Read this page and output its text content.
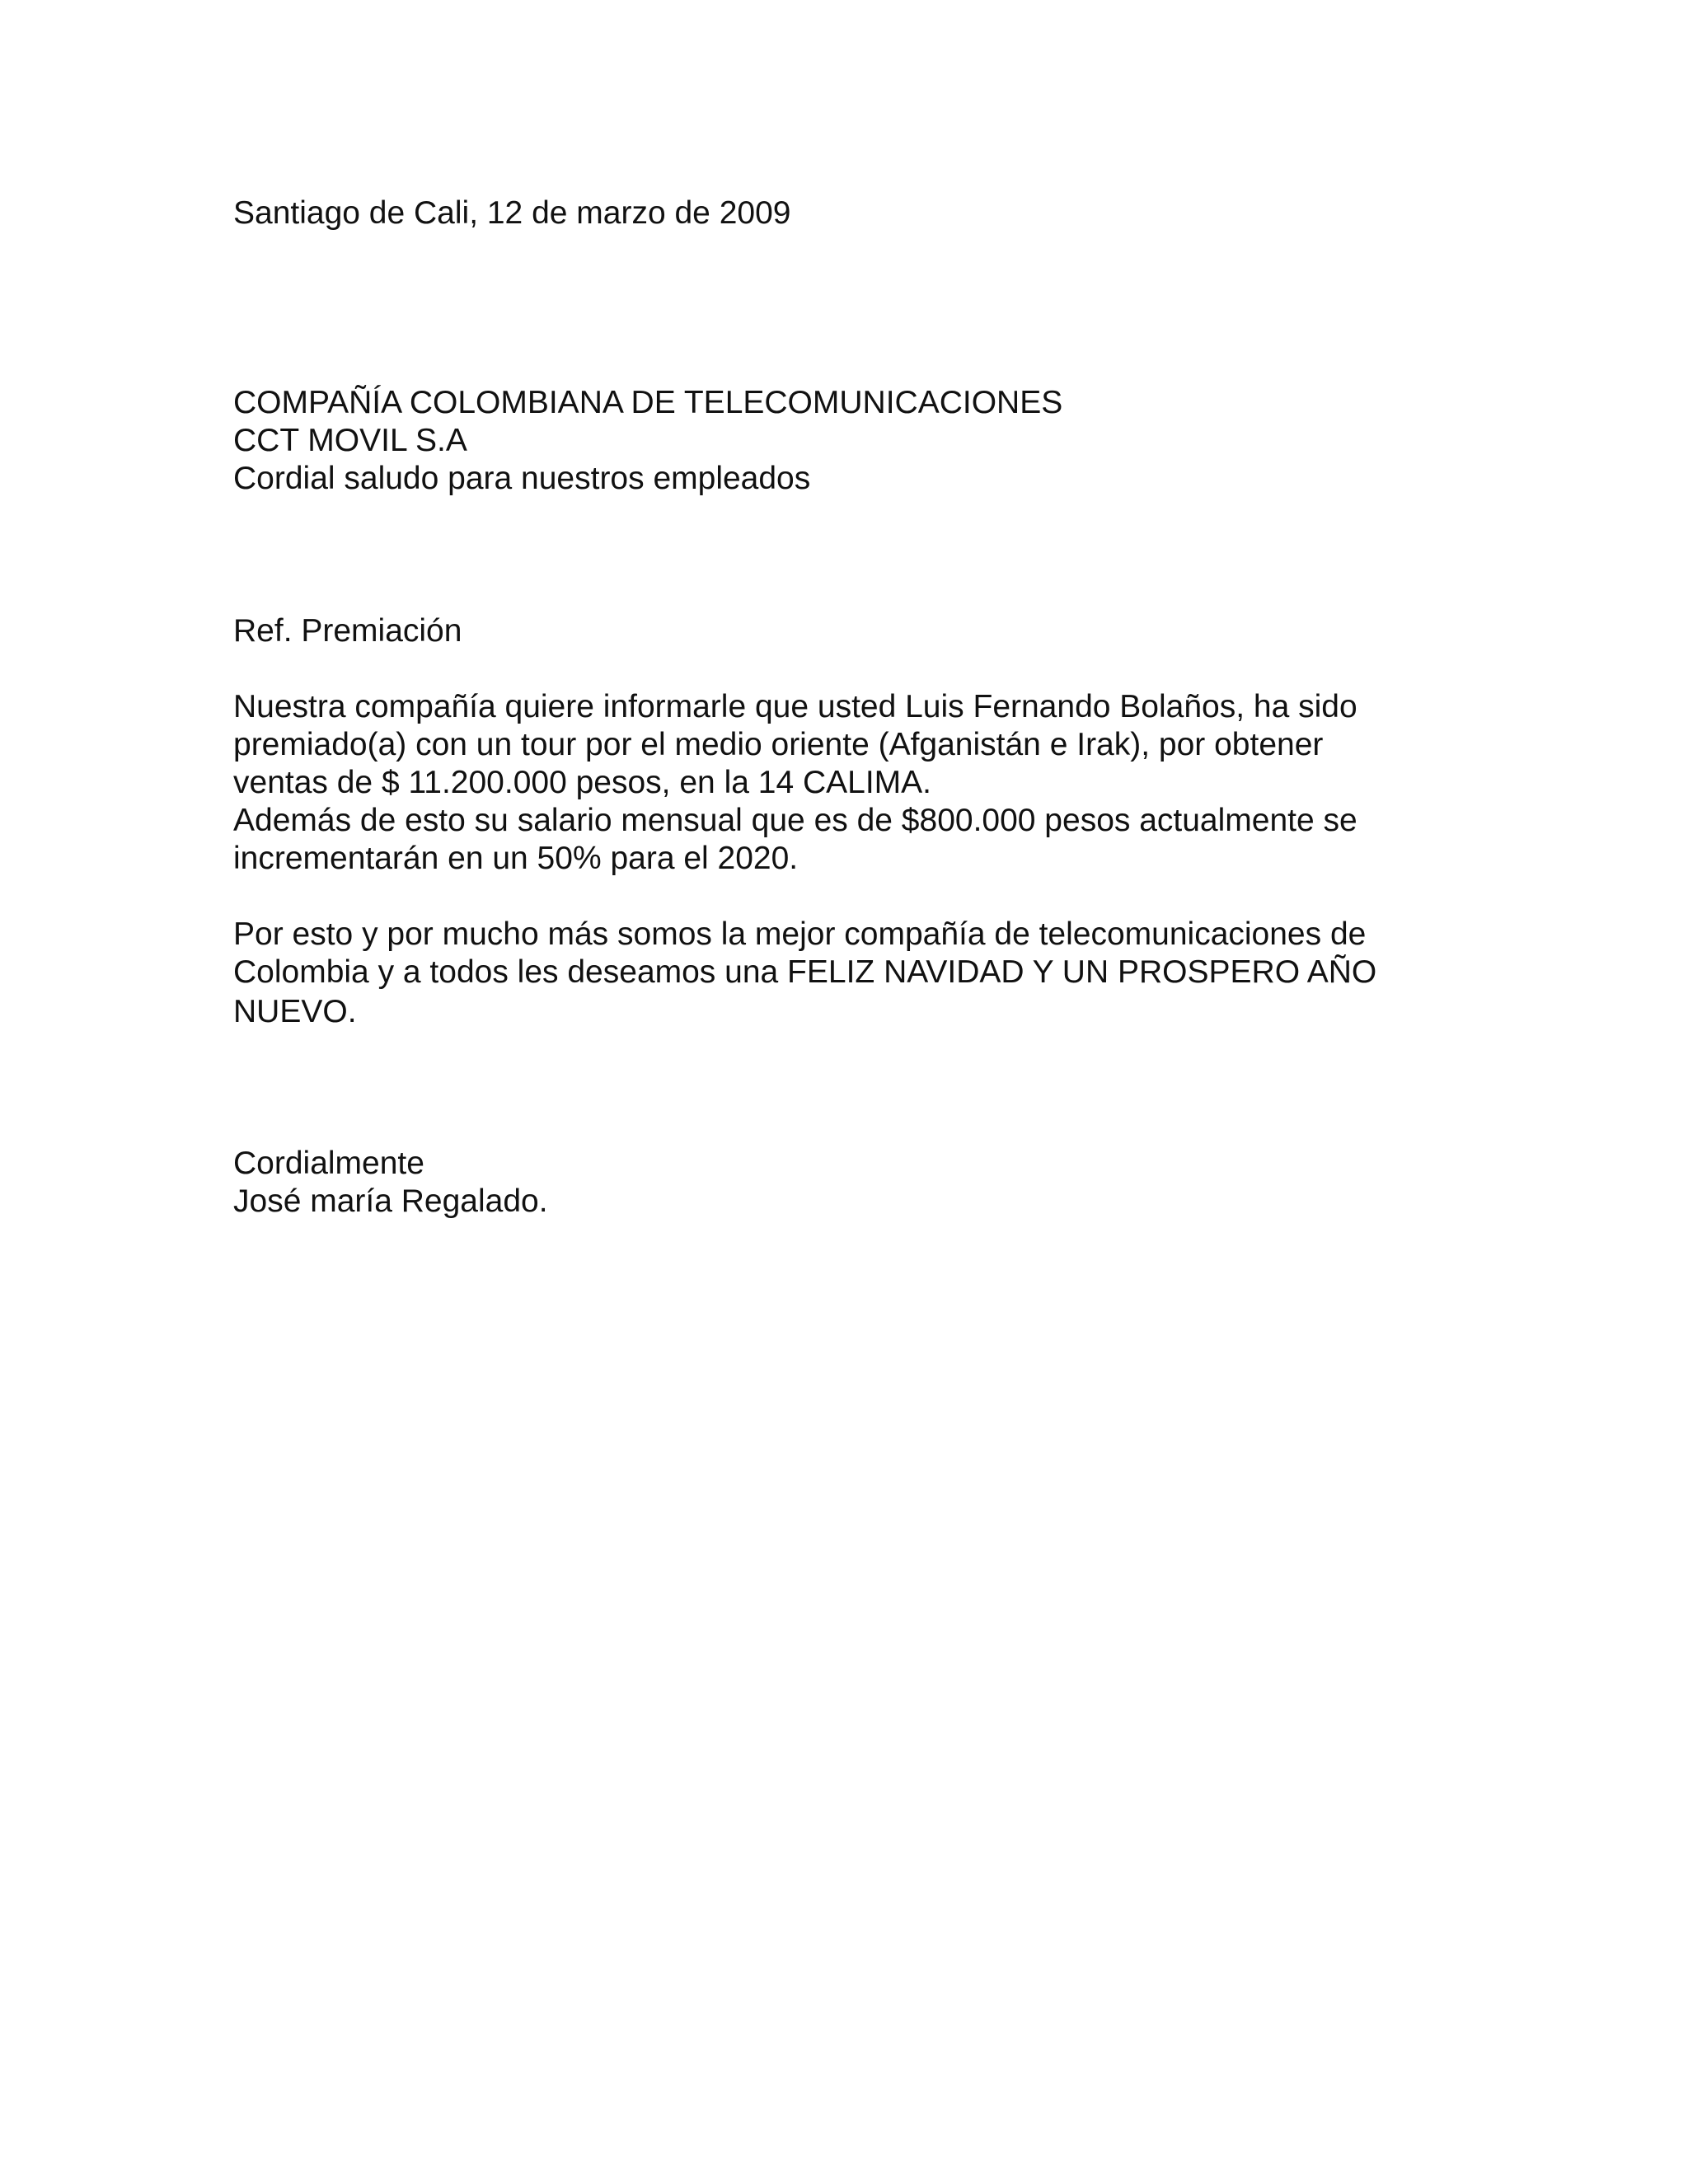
Santiago de Cali, 12 de marzo de 2009

COMPAÑÍA COLOMBIANA DE TELECOMUNICACIONES

CCT MOVIL S.A

Cordial saludo para nuestros empleados

Ref. Premiación

Nuestra compañía quiere informarle que usted Luis Fernando Bolaños, ha sido

premiado(a) con un tour por el medio oriente (Afganistán e Irak), por obtener

ventas de $ 11.200.000 pesos, en la 14 CALIMA.

Además de esto su salario mensual que es de $800.000 pesos actualmente se

incrementarán en un 50% para el 2020.

Por esto y por mucho más somos la mejor compañía de telecomunicaciones de

Colombia y a todos les deseamos una FELIZ NAVIDAD Y UN PROSPERO AÑO

NUEVO.

Cordialmente

José maría Regalado.
